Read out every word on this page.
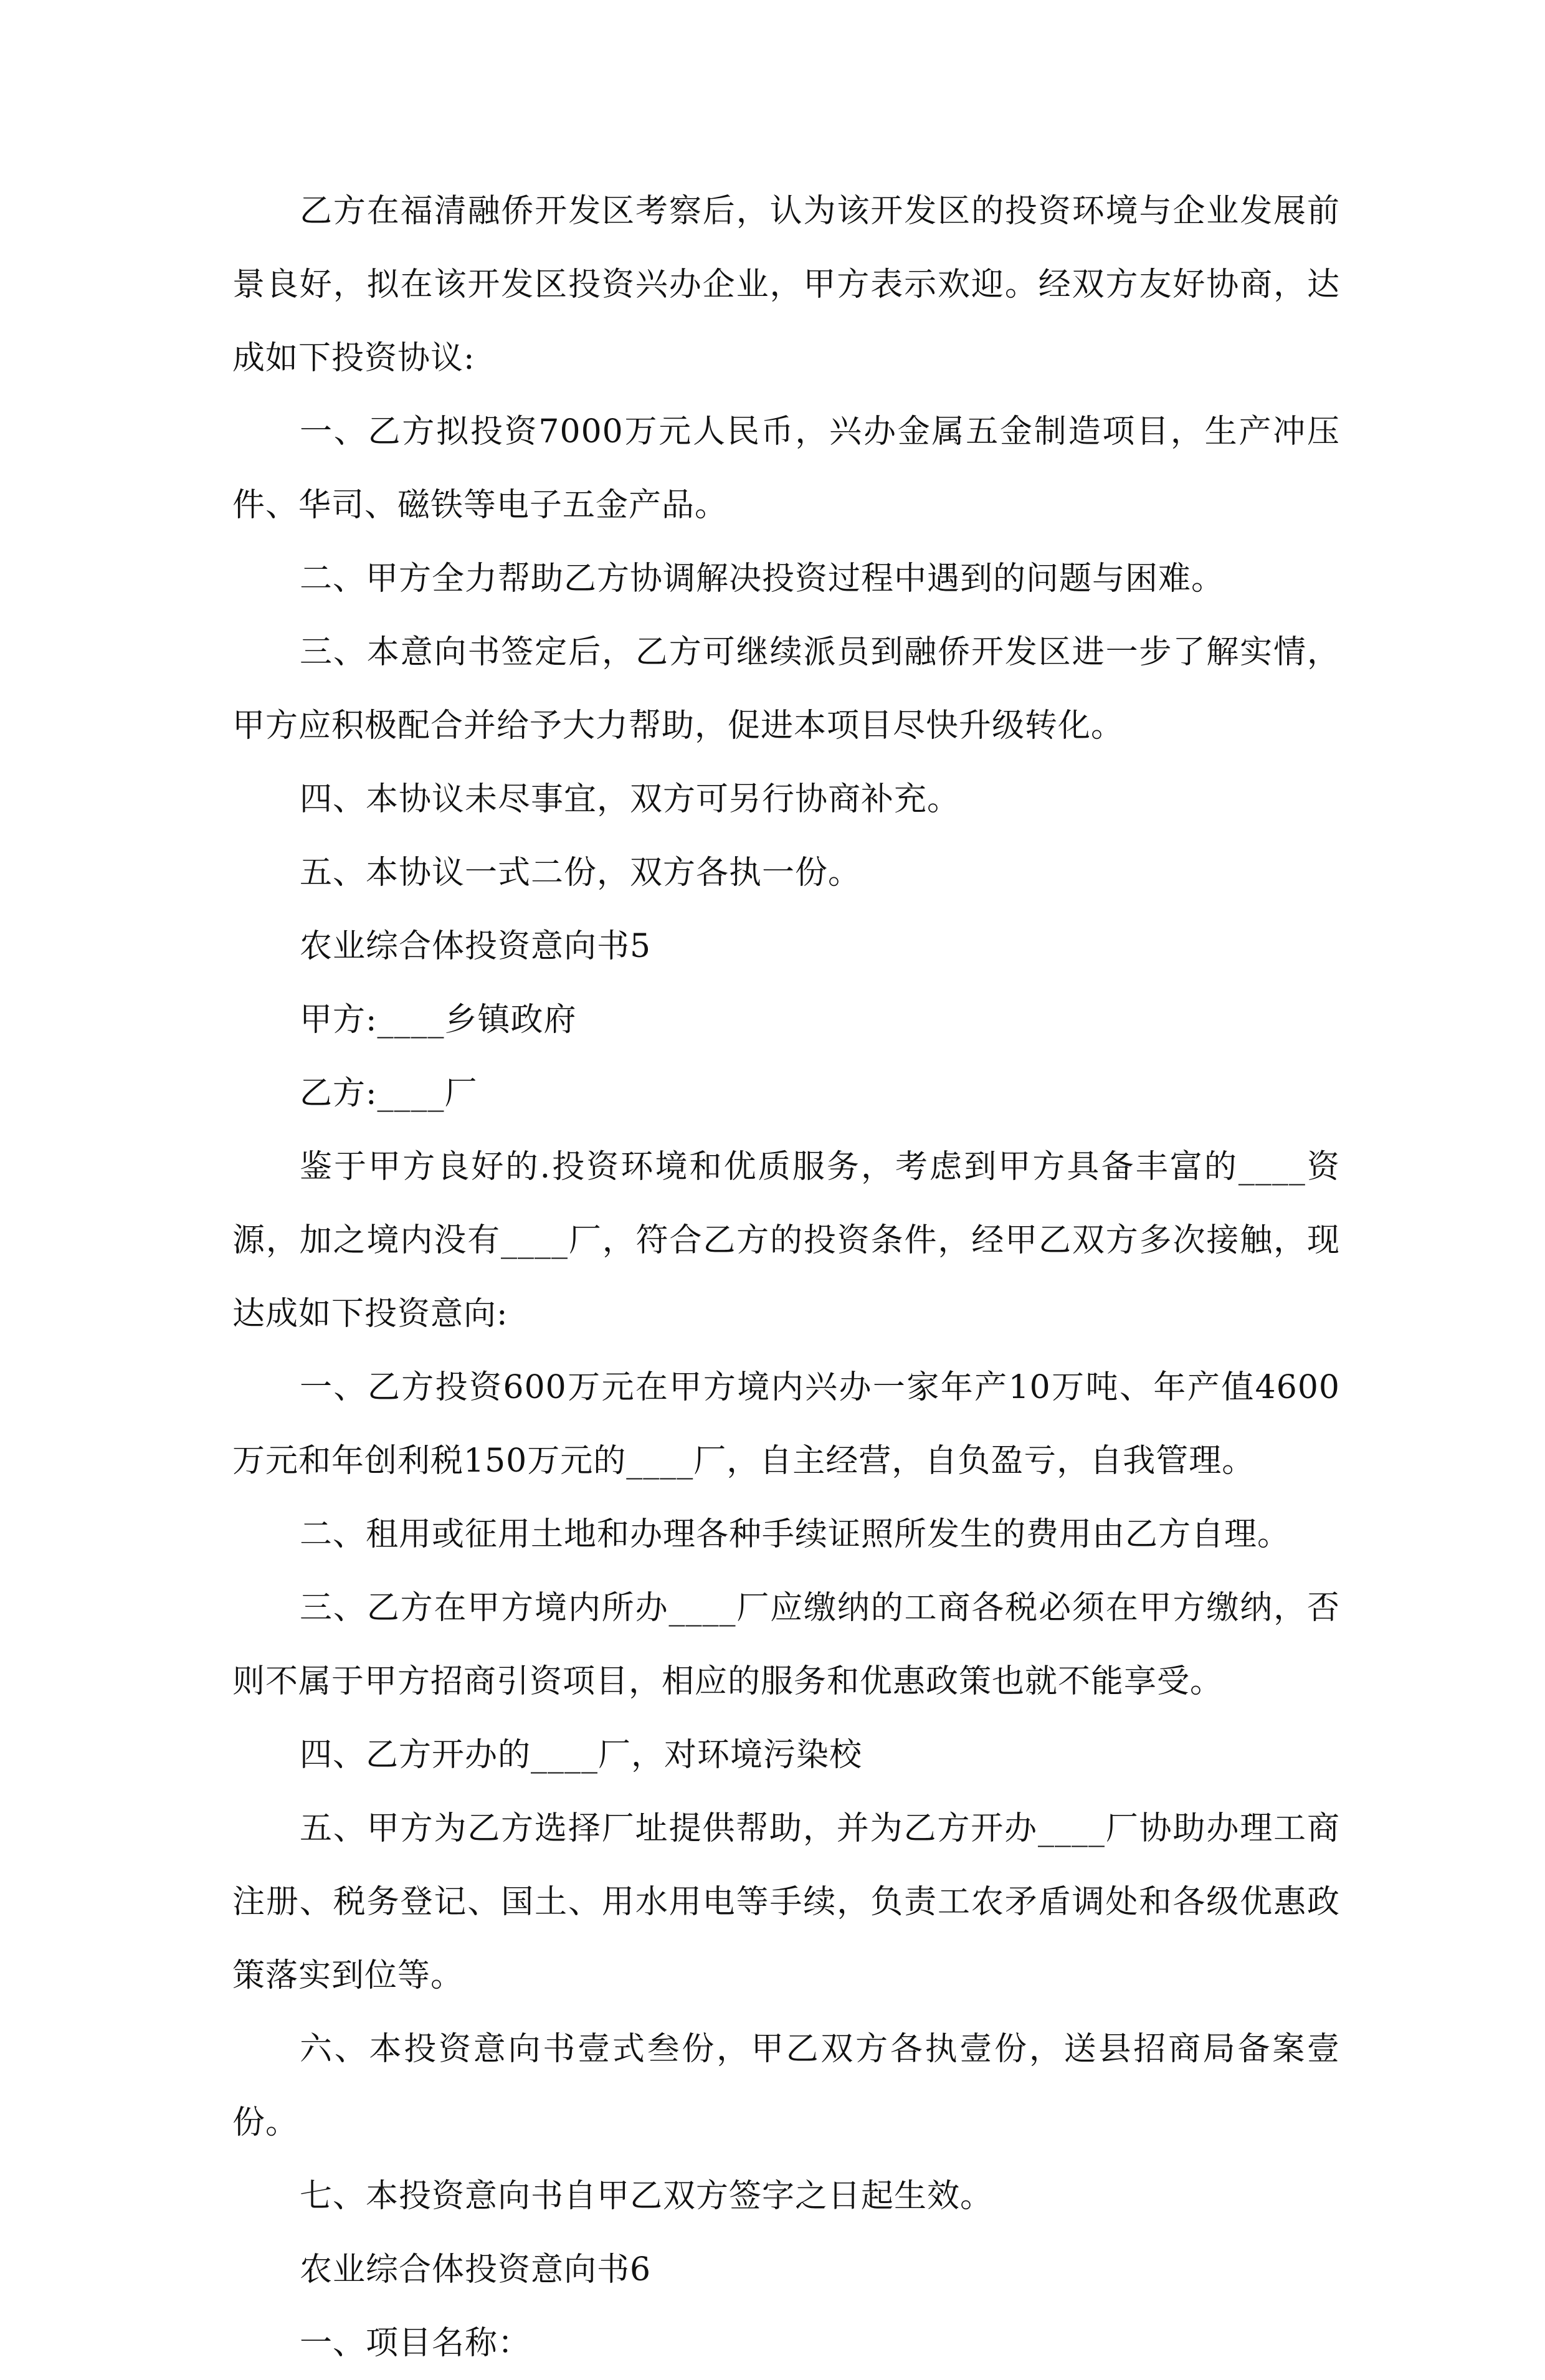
乙方在福清融侨开发区考察后，认为该开发区的投资环境与企业发展前景良好，拟在该开发区投资兴办企业，甲方表示欢迎。经双方友好协商，达成如下投资协议:

一、乙方拟投资7000万元人民币，兴办金属五金制造项目，生产冲压件、华司、磁铁等电子五金产品。

二、甲方全力帮助乙方协调解决投资过程中遇到的问题与困难。

三、本意向书签定后，乙方可继续派员到融侨开发区进一步了解实情，甲方应积极配合并给予大力帮助，促进本项目尽快升级转化。

四、本协议未尽事宜，双方可另行协商补充。

五、本协议一式二份，双方各执一份。

农业综合体投资意向书5

甲方:____乡镇政府

乙方:____厂

鉴于甲方良好的.投资环境和优质服务，考虑到甲方具备丰富的____资源，加之境内没有____厂，符合乙方的投资条件，经甲乙双方多次接触，现达成如下投资意向:

一、乙方投资600万元在甲方境内兴办一家年产10万吨、年产值4600万元和年创利税150万元的____厂，自主经营，自负盈亏，自我管理。

二、租用或征用土地和办理各种手续证照所发生的费用由乙方自理。

三、乙方在甲方境内所办____厂应缴纳的工商各税必须在甲方缴纳，否则不属于甲方招商引资项目，相应的服务和优惠政策也就不能享受。

四、乙方开办的____厂，对环境污染校

五、甲方为乙方选择厂址提供帮助，并为乙方开办____厂协助办理工商注册、税务登记、国土、用水用电等手续，负责工农矛盾调处和各级优惠政策落实到位等。

六、本投资意向书壹式叁份，甲乙双方各执壹份，送县招商局备案壹份。

七、本投资意向书自甲乙双方签字之日起生效。

农业综合体投资意向书6

一、项目名称：
